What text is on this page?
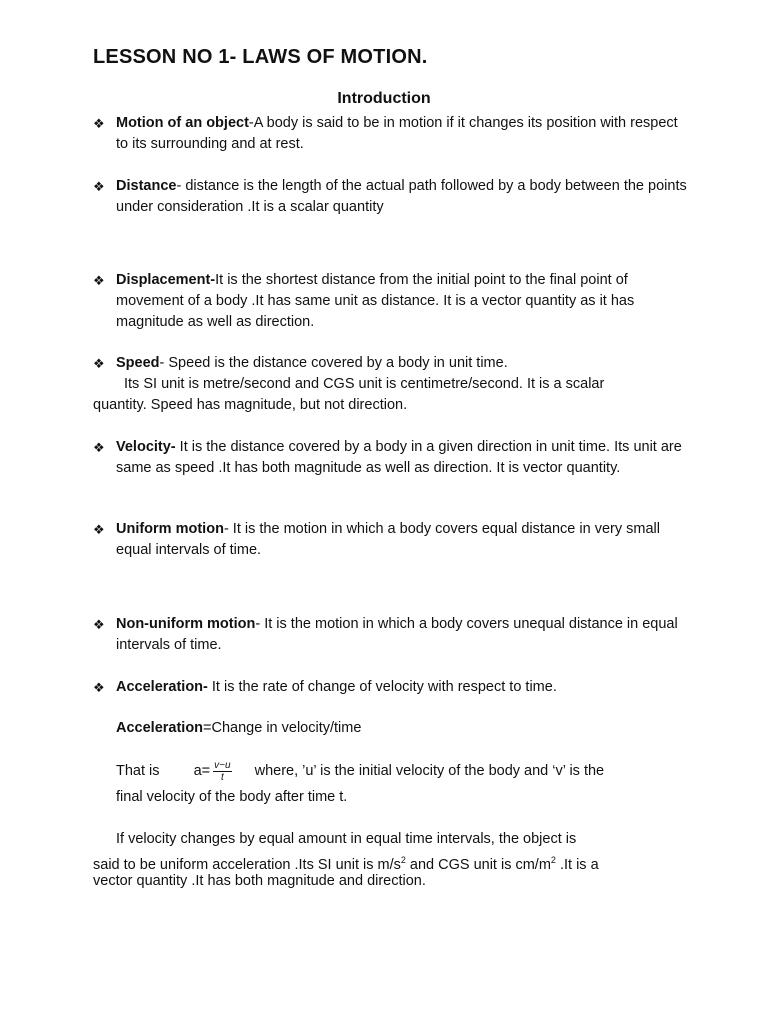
LESSON NO 1- LAWS OF MOTION.
Introduction
❖ Motion of an object-A body is said to be in motion if it changes its position with respect to its surrounding and at rest.
❖ Distance- distance is the length of the actual path followed by a body between the points under consideration .It is a scalar quantity
❖ Displacement-It is the shortest distance from the initial point to the final point of movement of a body .It has same unit as distance. It is a vector quantity as it has magnitude as well as direction.
❖ Speed- Speed is the distance covered by a body in unit time.
Its SI unit is metre/second and CGS unit is centimetre/second. It is a scalar
quantity. Speed has magnitude, but not direction.
❖ Velocity- It is the distance covered by a body in a given direction in unit time. Its unit are same as speed .It has both magnitude as well as direction. It is vector quantity.
❖ Uniform motion- It is the motion in which a body covers equal distance in very small equal intervals of time.
❖ Non-uniform motion- It is the motion in which a body covers unequal distance in equal intervals of time.
❖ Acceleration- It is the rate of change of velocity with respect to time.
Acceleration=Change in velocity/time
That is $a= \frac{v-u}{t}$ where, ’u’ is the initial velocity of the body and ‘v’ is the
final velocity of the body after time t.
If velocity changes by equal amount in equal time intervals, the object is
said to be uniform acceleration .Its SI unit is $m/s^2$ and CGS unit is $cm/m^2$ .It is a
vector quantity .It has both magnitude and direction.
